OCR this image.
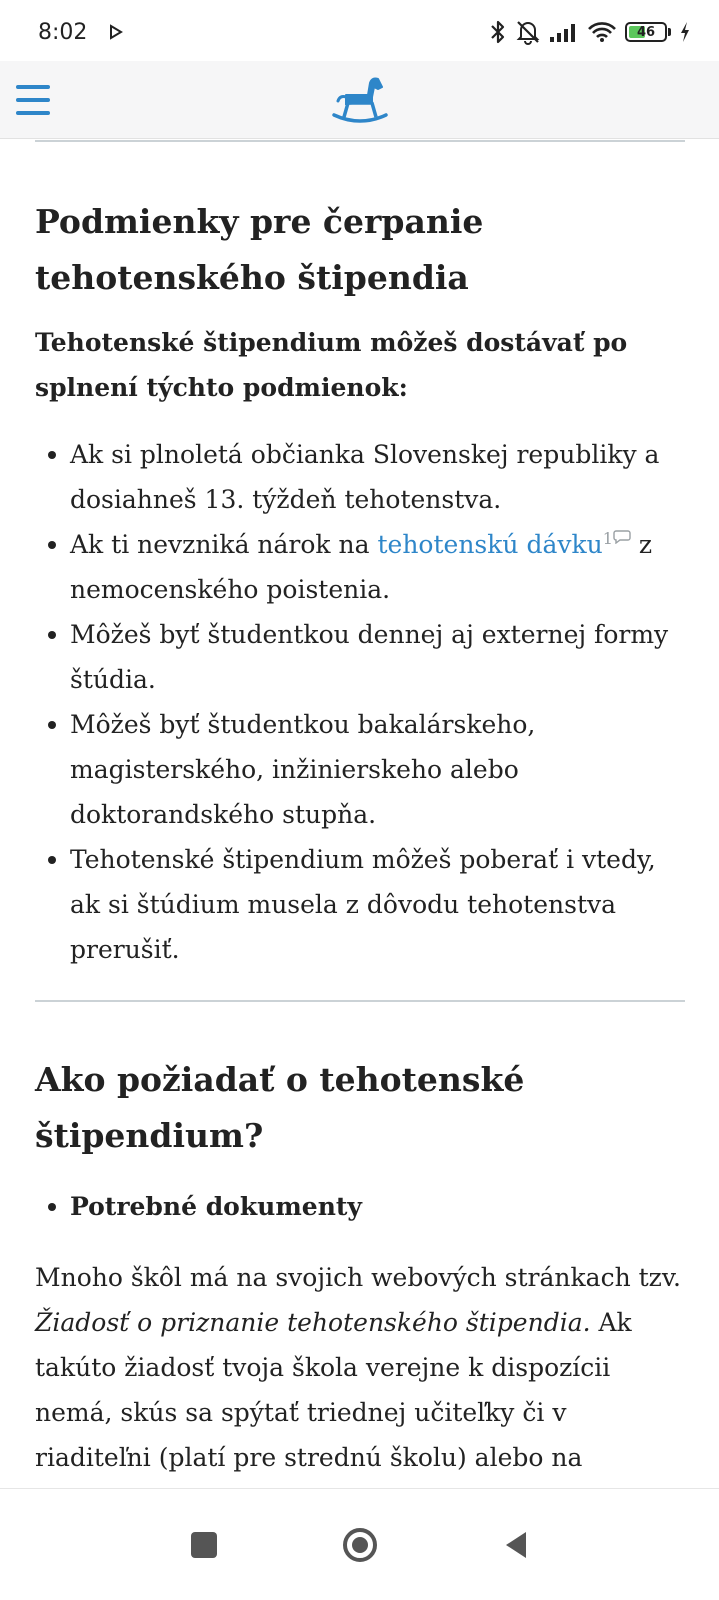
8:02	46
Podmienky pre čerpanie tehotenského štipendia

Tehotenské štipendium môžeš dostávať po splnení týchto podmienok:

Ak si plnoletá občianka Slovenskej republiky a dosiahneš 13. týždeň tehotenstva.
Ak ti nevzniká nárok na tehotenskú dávku$^1$ z nemocenského poistenia.
Môžeš byť študentkou dennej aj externej formy štúdia.
Môžeš byť študentkou bakalárskeho, magisterského, inžinierskeho alebo doktorandského stupňa.
Tehotenské štipendium môžeš poberať i vtedy, ak si štúdium musela z dôvodu tehotenstva prerušiť.
Ako požiadať o tehotenské štipendium?
Potrebné dokumenty

Mnoho škôl má na svojich webových stránkach tzv. Žiadosť o priznanie tehotenského štipendia. Ak takúto žiadosť tvoja škola verejne k dispozícii nemá, skús sa spýtať triednej učiteľky či v riaditeľni (platí pre strednú školu) alebo na
